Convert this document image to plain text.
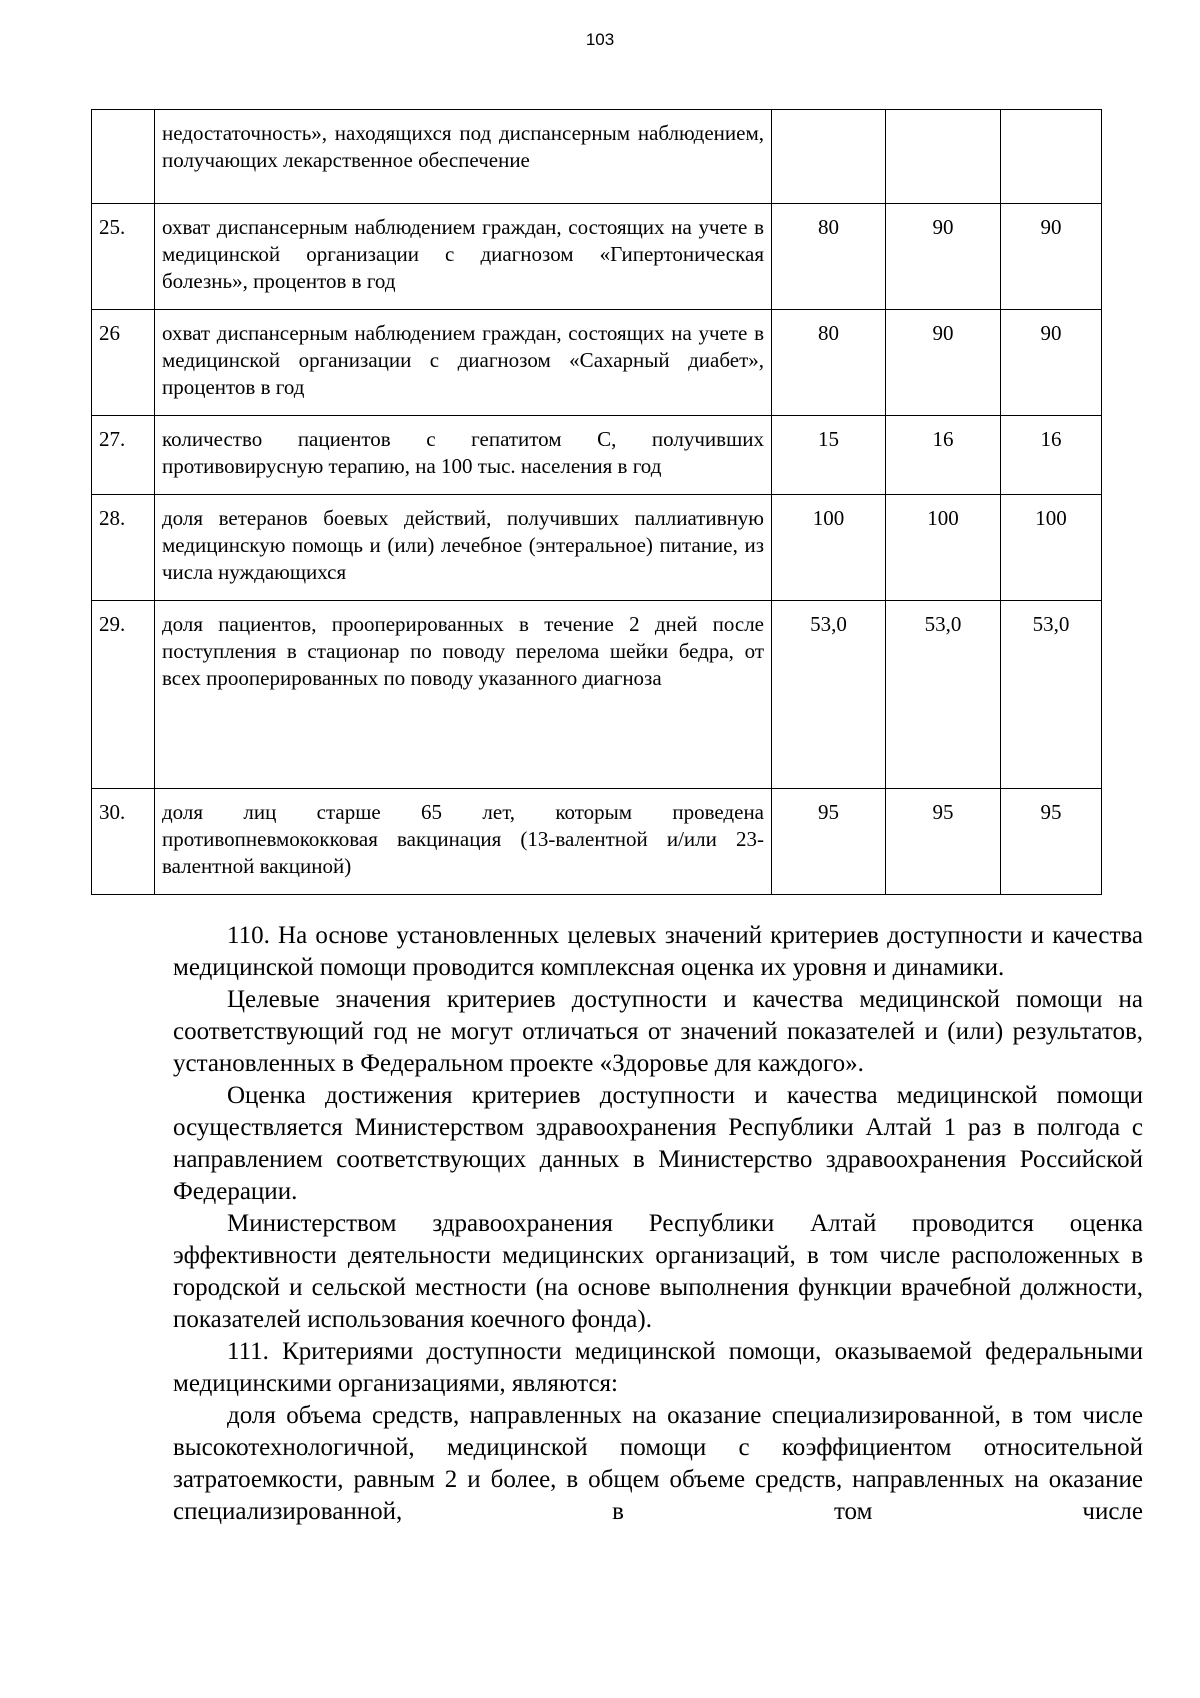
103
	недостаточность», находящихся под диспансерным наблюдением, получающих лекарственное обеспечение			
25.	охват диспансерным наблюдением граждан, состоящих на учете в медицинской организации с диагнозом «Гипертоническая болезнь», процентов в год	80	90	90
26	охват диспансерным наблюдением граждан, состоящих на учете в медицинской организации с диагнозом «Сахарный диабет», процентов в год	80	90	90
27.	количество пациентов с гепатитом С, получивших противовирусную терапию, на 100 тыс. населения в год	15	16	16
28.	доля ветеранов боевых действий, получивших паллиативную медицинскую помощь и (или) лечебное (энтеральное) питание, из числа нуждающихся	100	100	100
29.	доля пациентов, прооперированных в течение 2 дней после поступления в стационар по поводу перелома шейки бедра, от всех прооперированных по поводу указанного диагноза	53,0	53,0	53,0
30.	доля лиц старше 65 лет, которым проведена противопневмококковая вакцинация (13-валентной и/или 23-валентной вакциной)	95	95	95

110. На основе установленных целевых значений критериев доступности и качества медицинской помощи проводится комплексная оценка их уровня и динамики.

Целевые значения критериев доступности и качества медицинской помощи на соответствующий год не могут отличаться от значений показателей и (или) результатов, установленных в Федеральном проекте «Здоровье для каждого».

Оценка достижения критериев доступности и качества медицинской помощи осуществляется Министерством здравоохранения Республики Алтай 1 раз в полгода с направлением соответствующих данных в Министерство здравоохранения Российской Федерации.

Министерством здравоохранения Республики Алтай проводится оценка эффективности деятельности медицинских организаций, в том числе расположенных в городской и сельской местности (на основе выполнения функции врачебной должности, показателей использования коечного фонда).

111. Критериями доступности медицинской помощи, оказываемой федеральными медицинскими организациями, являются:

доля объема средств, направленных на оказание специализированной, в том числе высокотехнологичной, медицинской помощи с коэффициентом относительной затратоемкости, равным 2 и более, в общем объеме средств, направленных на оказание специализированной, в том числе
